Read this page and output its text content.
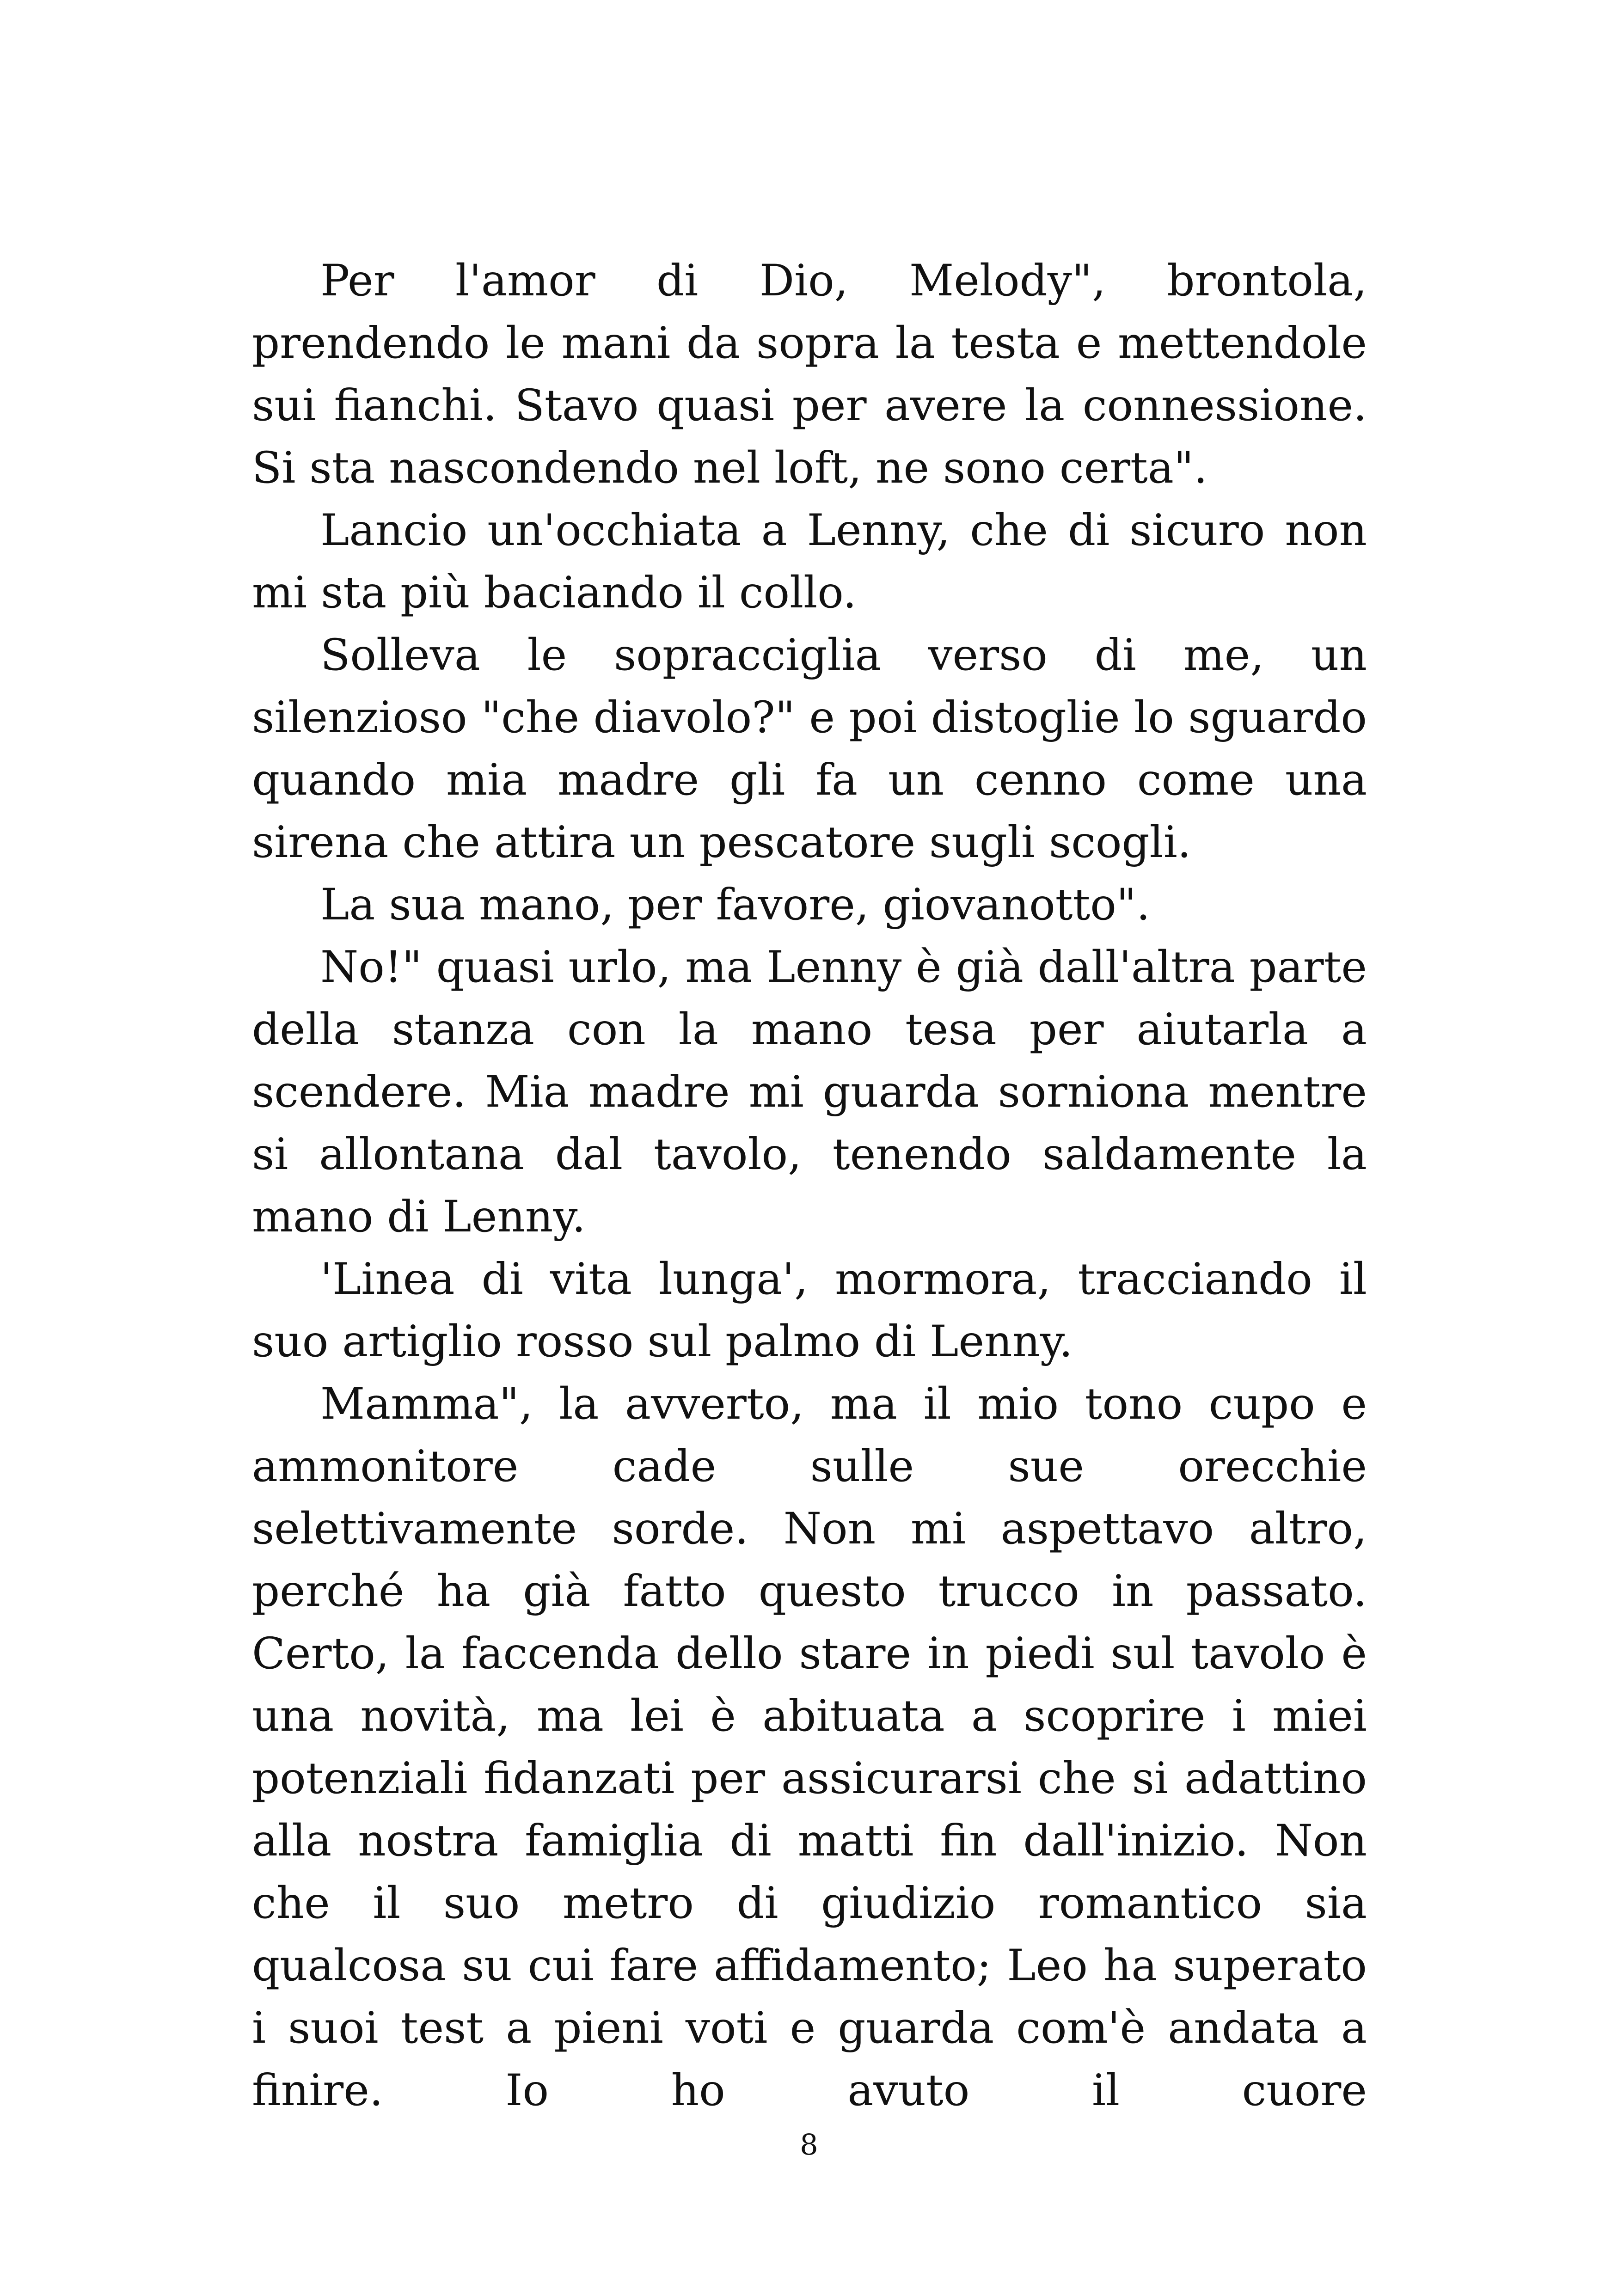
Per l'amor di Dio, Melody", brontola, prendendo le mani da sopra la testa e mettendole sui fianchi. Stavo quasi per avere la connessione. Si sta nascondendo nel loft, ne sono certa".

Lancio un'occhiata a Lenny, che di sicuro non mi sta più baciando il collo.

Solleva le sopracciglia verso di me, un silenzioso "che diavolo?" e poi distoglie lo sguardo quando mia madre gli fa un cenno come una sirena che attira un pescatore sugli scogli.

La sua mano, per favore, giovanotto".

No!" quasi urlo, ma Lenny è già dall'altra parte della stanza con la mano tesa per aiutarla a scendere. Mia madre mi guarda sorniona mentre si allontana dal tavolo, tenendo saldamente la mano di Lenny.

'Linea di vita lunga', mormora, tracciando il suo artiglio rosso sul palmo di Lenny.

Mamma", la avverto, ma il mio tono cupo e ammonitore cade sulle sue orecchie selettivamente sorde. Non mi aspettavo altro, perché ha già fatto questo trucco in passato. Certo, la faccenda dello stare in piedi sul tavolo è una novità, ma lei è abituata a scoprire i miei potenziali fidanzati per assicurarsi che si adattino alla nostra famiglia di matti fin dall'inizio. Non che il suo metro di giudizio romantico sia qualcosa su cui fare affidamento; Leo ha superato i suoi test a pieni voti e guarda com'è andata a finire. Io ho avuto il cuore

8
